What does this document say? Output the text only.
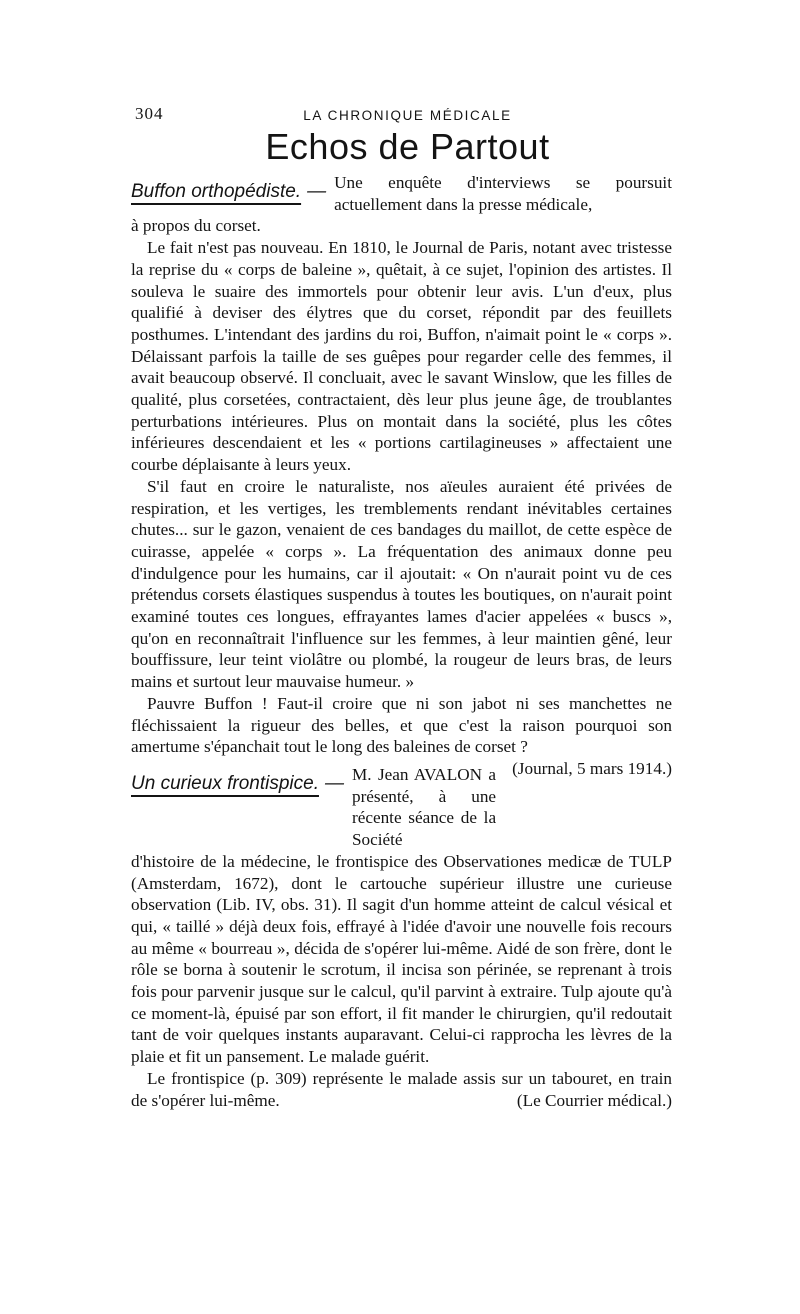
304	LA CHRONIQUE MÉDICALE
Echos de Partout
Buffon orthopédiste. — Une enquête d'interviews se poursuit actuellement dans la presse médicale,

à propos du corset.

Le fait n'est pas nouveau. En 1810, le Journal de Paris, notant avec tristesse la reprise du « corps de baleine », quêtait, à ce sujet, l'opinion des artistes. Il souleva le suaire des immortels pour obtenir leur avis. L'un d'eux, plus qualifié à deviser des élytres que du corset, répondit par des feuillets posthumes. L'intendant des jardins du roi, Buffon, n'aimait point le « corps ». Délaissant parfois la taille de ses guêpes pour regarder celle des femmes, il avait beaucoup observé. Il concluait, avec le savant Winslow, que les filles de qualité, plus corsetées, contractaient, dès leur plus jeune âge, de troublantes perturbations intérieures. Plus on montait dans la société, plus les côtes inférieures descendaient et les « portions cartilagineuses » affectaient une courbe déplaisante à leurs yeux.

S'il faut en croire le naturaliste, nos aïeules auraient été privées de respiration, et les vertiges, les tremblements rendant inévitables certaines chutes... sur le gazon, venaient de ces bandages du maillot, de cette espèce de cuirasse, appelée « corps ». La fréquentation des animaux donne peu d'indulgence pour les humains, car il ajoutait: « On n'aurait point vu de ces prétendus corsets élastiques suspendus à toutes les boutiques, on n'aurait point examiné toutes ces longues, effrayantes lames d'acier appelées « buscs », qu'on en reconnaîtrait l'influence sur les femmes, à leur maintien gêné, leur bouffissure, leur teint violâtre ou plombé, la rougeur de leurs bras, de leurs mains et surtout leur mauvaise humeur. »

Pauvre Buffon ! Faut-il croire que ni son jabot ni ses manchettes ne fléchissaient la rigueur des belles, et que c'est la raison pourquoi son amertume s'épanchait tout le long des baleines de corset ?
(Journal, 5 mars 1914.)

Un curieux frontispice. — M. Jean AVALON a présenté, à une récente séance de la Société

d'histoire de la médecine, le frontispice des Observationes medicæ de TULP (Amsterdam, 1672), dont le cartouche supérieur illustre une curieuse observation (Lib. IV, obs. 31). Il sagit d'un homme atteint de calcul vésical et qui, « taillé » déjà deux fois, effrayé à l'idée d'avoir une nouvelle fois recours au même « bourreau », décida de s'opérer lui-même. Aidé de son frère, dont le rôle se borna à soutenir le scrotum, il incisa son périnée, se reprenant à trois fois pour parvenir jusque sur le calcul, qu'il parvint à extraire. Tulp ajoute qu'à ce moment-là, épuisé par son effort, il fit mander le chirurgien, qu'il redoutait tant de voir quelques instants auparavant. Celui-ci rapprocha les lèvres de la plaie et fit un pansement. Le malade guérit.

Le frontispice (p. 309) représente le malade assis sur un tabouret, en train de s'opérer lui-même.	(Le Courrier médical.)
